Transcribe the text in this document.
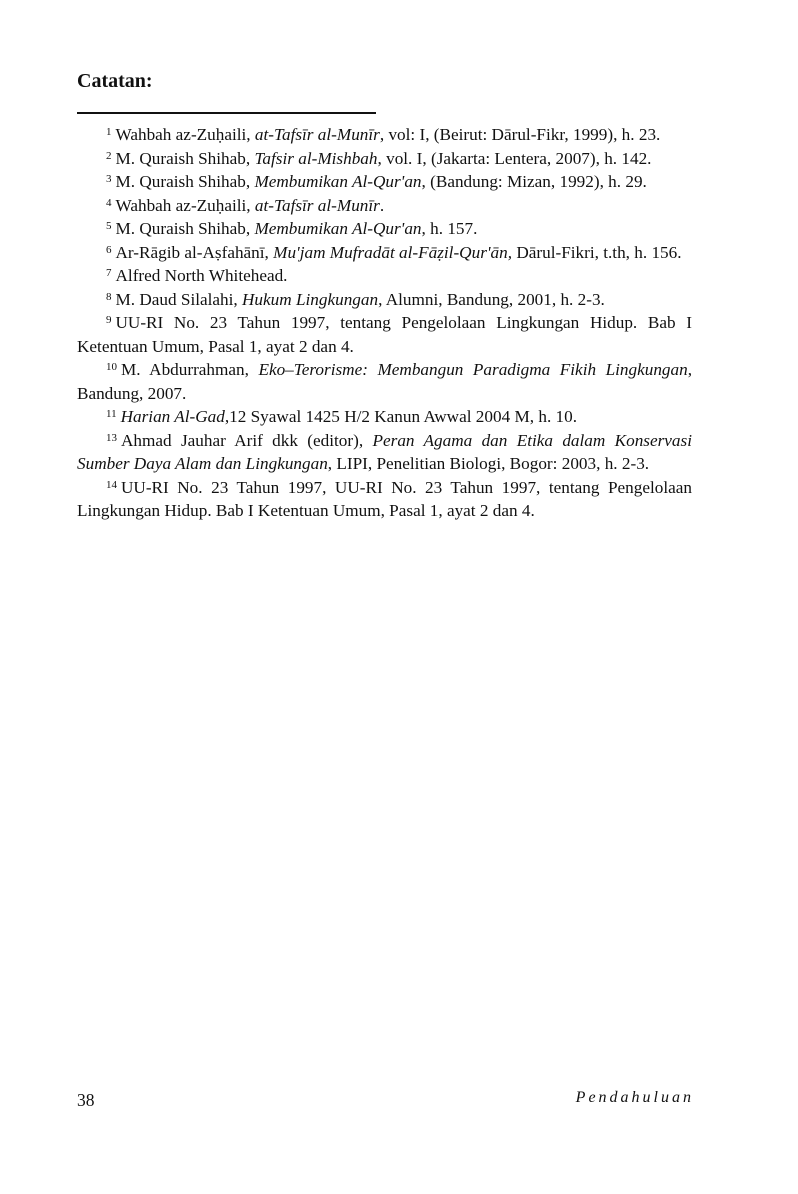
Catatan:

$^1$ Wahbah az-Zuḥaili, at-Tafsīr al-Munīr, vol: I, (Beirut: Dārul-Fikr, 1999), h. 23.

$^2$ M. Quraish Shihab, Tafsir al-Mishbah, vol. I, (Jakarta: Lentera, 2007), h. 142.

$^3$ M. Quraish Shihab, Membumikan Al-Qur'an, (Bandung: Mizan, 1992), h. 29.

$^4$ Wahbah az-Zuḥaili, at-Tafsīr al-Munīr.

$^5$ M. Quraish Shihab, Membumikan Al-Qur'an, h. 157.

$^6$ Ar-Rāgib al-Aṣfahānī, Mu'jam Mufradāt al-Fāẓil-Qur'ān, Dārul-Fikri, t.th, h. 156.

$^7$ Alfred North Whitehead.

$^8$ M. Daud Silalahi, Hukum Lingkungan, Alumni, Bandung, 2001, h. 2-3.

$^9$ UU-RI No. 23 Tahun 1997, tentang Pengelolaan Lingkungan Hidup. Bab I Ketentuan Umum, Pasal 1, ayat 2 dan 4.

$^{10}$ M. Abdurrahman, Eko–Terorisme: Membangun Paradigma Fikih Lingkungan, Bandung, 2007.

$^{11}$ Harian Al-Gad,12 Syawal 1425 H/2 Kanun Awwal 2004 M, h. 10.

$^{13}$ Ahmad Jauhar Arif dkk (editor), Peran Agama dan Etika dalam Konservasi Sumber Daya Alam dan Lingkungan, LIPI, Penelitian Biologi, Bogor: 2003, h. 2-3.

$^{14}$ UU-RI No. 23 Tahun 1997, UU-RI No. 23 Tahun 1997, tentang Pengelolaan Lingkungan Hidup. Bab I Ketentuan Umum, Pasal 1, ayat 2 dan 4.

38	Pendahuluan
